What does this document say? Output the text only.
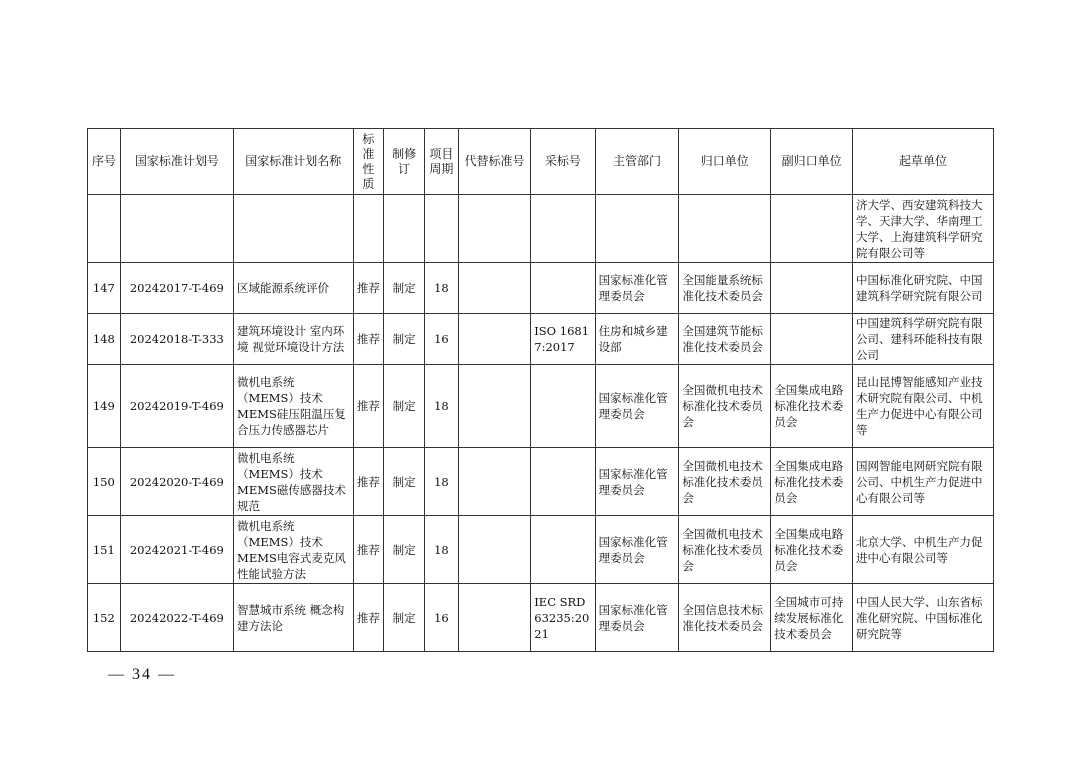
序号	国家标准计划号	国家标准计划名称	标准性质	制修订	项目周期	代替标准号	采标号	主管部门	归口单位	副归口单位	起草单位
											济大学、西安建筑科技大学、天津大学、华南理工大学、上海建筑科学研究院有限公司等
147	20242017-T-469	区域能源系统评价	推荐	制定	18			国家标准化管理委员会	全国能量系统标准化技术委员会		中国标准化研究院、中国建筑科学研究院有限公司
148	20242018-T-333	建筑环境设计 室内环境 视觉环境设计方法	推荐	制定	16		ISO 16817:2017	住房和城乡建设部	全国建筑节能标准化技术委员会		中国建筑科学研究院有限公司、建科环能科技有限公司
149	20242019-T-469	微机电系统（MEMS）技术 MEMS硅压阻温压复合压力传感器芯片	推荐	制定	18			国家标准化管理委员会	全国微机电技术标准化技术委员会	全国集成电路标准化技术委员会	昆山昆博智能感知产业技术研究院有限公司、中机生产力促进中心有限公司等
150	20242020-T-469	微机电系统（MEMS）技术 MEMS磁传感器技术规范	推荐	制定	18			国家标准化管理委员会	全国微机电技术标准化技术委员会	全国集成电路标准化技术委员会	国网智能电网研究院有限公司、中机生产力促进中心有限公司等
151	20242021-T-469	微机电系统（MEMS）技术 MEMS电容式麦克风性能试验方法	推荐	制定	18			国家标准化管理委员会	全国微机电技术标准化技术委员会	全国集成电路标准化技术委员会	北京大学、中机生产力促进中心有限公司等
152	20242022-T-469	智慧城市系统 概念构建方法论	推荐	制定	16		IEC SRD 63235:2021	国家标准化管理委员会	全国信息技术标准化技术委员会	全国城市可持续发展标准化技术委员会	中国人民大学、山东省标准化研究院、中国标准化研究院等
— 34 —
